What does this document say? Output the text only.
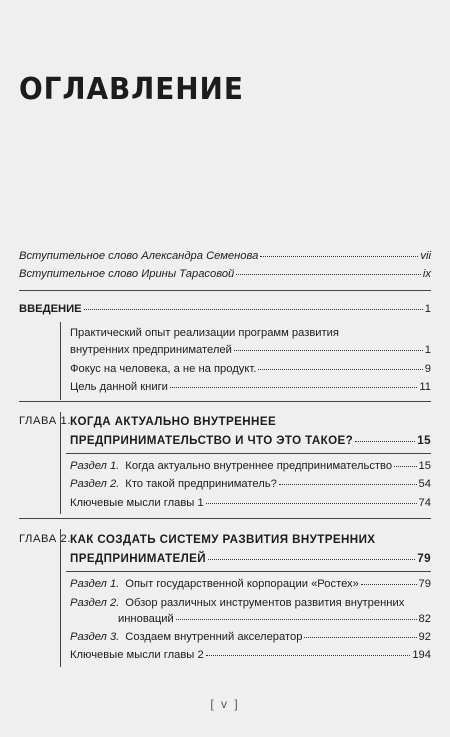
ОГЛАВЛЕНИЕ
Вступительное слово Александра Семенова	vii
Вступительное слово Ирины Тарасовой	ix
ВВЕДЕНИЕ	1
Практический опыт реализации программ развития
внутренних предпринимателей	1
Фокус на человека, а не на продукт.	9
Цель данной книги	11
ГЛАВА 1.
КОГДА АКТУАЛЬНО ВНУТРЕННЕЕ
ПРЕДПРИНИМАТЕЛЬСТВО И ЧТО ЭТО ТАКОЕ?	15
Раздел 1. Когда актуально внутреннее предпринимательство 15
Раздел 2. Кто такой предприниматель?	54
Ключевые мысли главы 1	74
ГЛАВА 2.
КАК СОЗДАТЬ СИСТЕМУ РАЗВИТИЯ ВНУТРЕННИХ
ПРЕДПРИНИМАТЕЛЕЙ	79
Раздел 1. Опыт государственной корпорации «Ростех»	79
Раздел 2. Обзор различных инструментов развития внутренних
инноваций	82
Раздел 3. Создаем внутренний акселератор	92
Ключевые мысли главы 2	194
[ v ]
